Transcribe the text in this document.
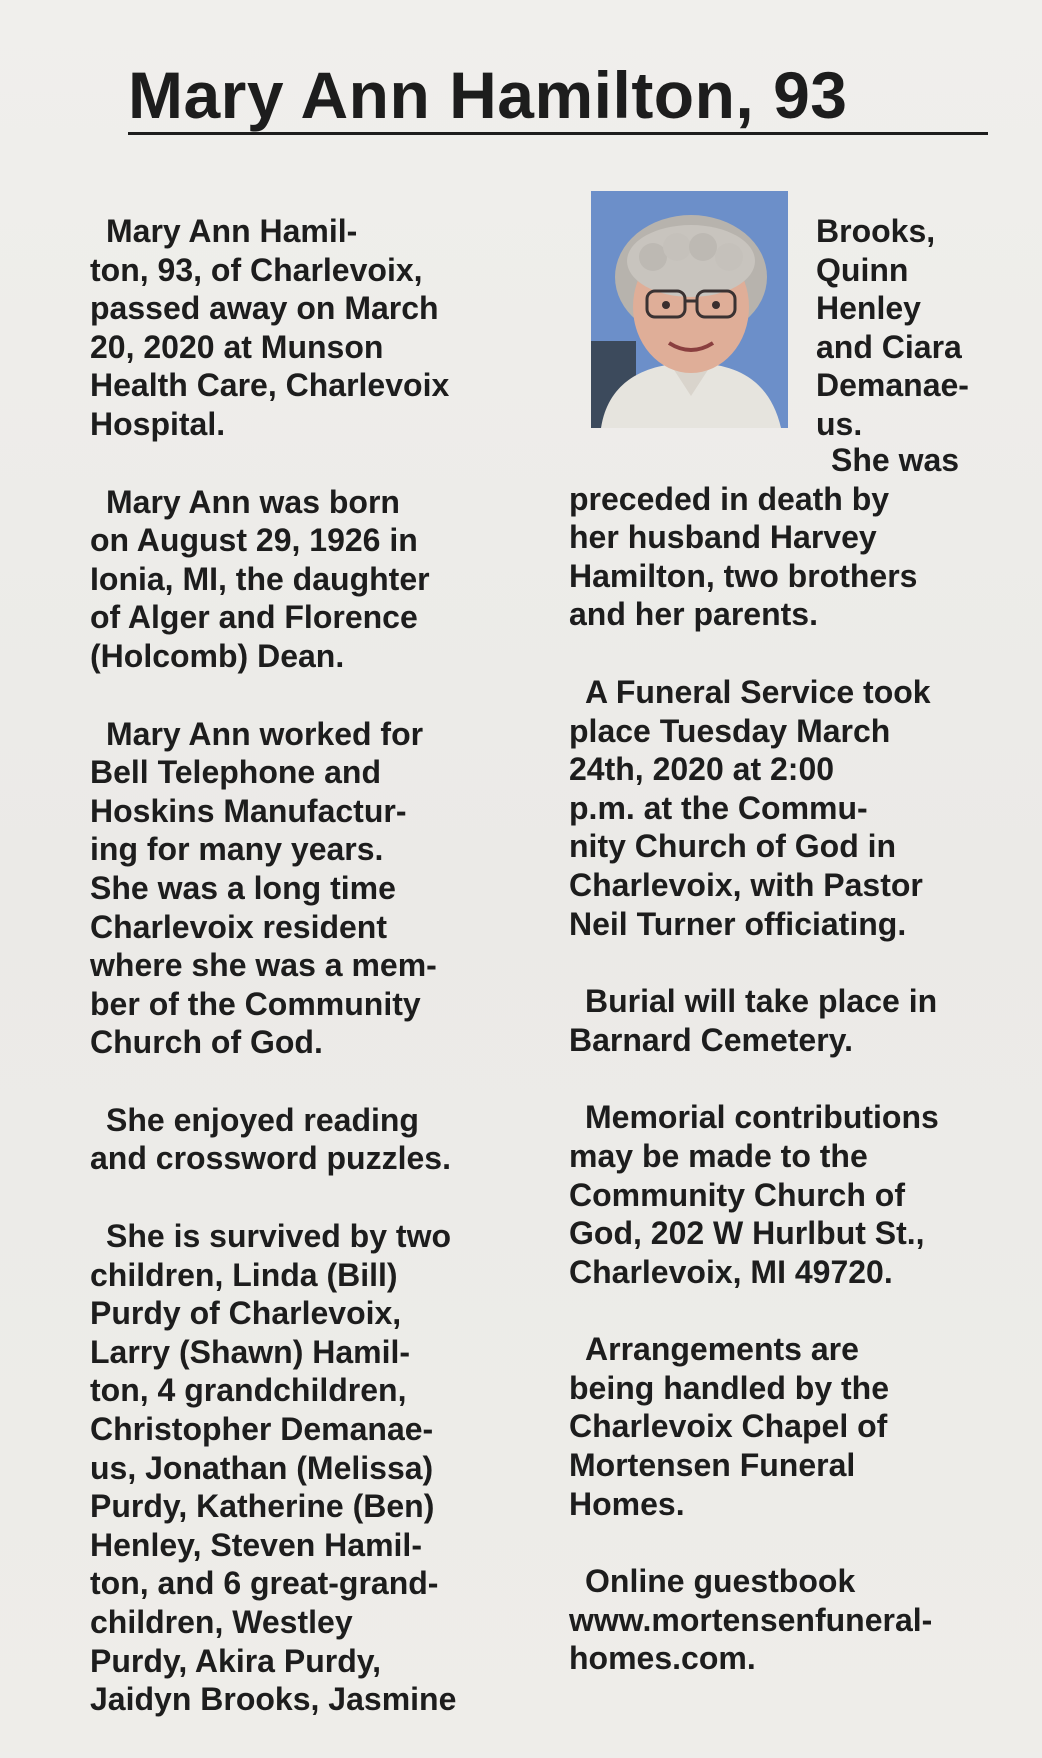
Mary Ann Hamilton, 93

Mary Ann Hamil-
ton, 93, of Charlevoix,
passed away on March
20, 2020 at Munson
Health Care, Charlevoix
Hospital.

Mary Ann was born
on August 29, 1926 in
Ionia, MI, the daughter
of Alger and Florence
(Holcomb) Dean.

Mary Ann worked for
Bell Telephone and
Hoskins Manufactur-
ing for many years.
She was a long time
Charlevoix resident
where she was a mem-
ber of the Community
Church of God.

She enjoyed reading
and crossword puzzles.

She is survived by two
children, Linda (Bill)
Purdy of Charlevoix,
Larry (Shawn) Hamil-
ton, 4 grandchildren,
Christopher Demanae-
us, Jonathan (Melissa)
Purdy, Katherine (Ben)
Henley, Steven Hamil-
ton, and 6 great-grand-
children, Westley
Purdy, Akira Purdy,
Jaidyn Brooks, Jasmine

Brooks,
Quinn
Henley
and Ciara
Demanae-
us.

She was
preceded in death by
her husband Harvey
Hamilton, two brothers
and her parents.

A Funeral Service took
place Tuesday March
24th, 2020 at 2:00
p.m. at the Commu-
nity Church of God in
Charlevoix, with Pastor
Neil Turner officiating.

Burial will take place in
Barnard Cemetery.

Memorial contributions
may be made to the
Community Church of
God, 202 W Hurlbut St.,
Charlevoix, MI 49720.

Arrangements are
being handled by the
Charlevoix Chapel of
Mortensen Funeral
Homes.

Online guestbook
www.mortensenfuneral-
homes.com.
